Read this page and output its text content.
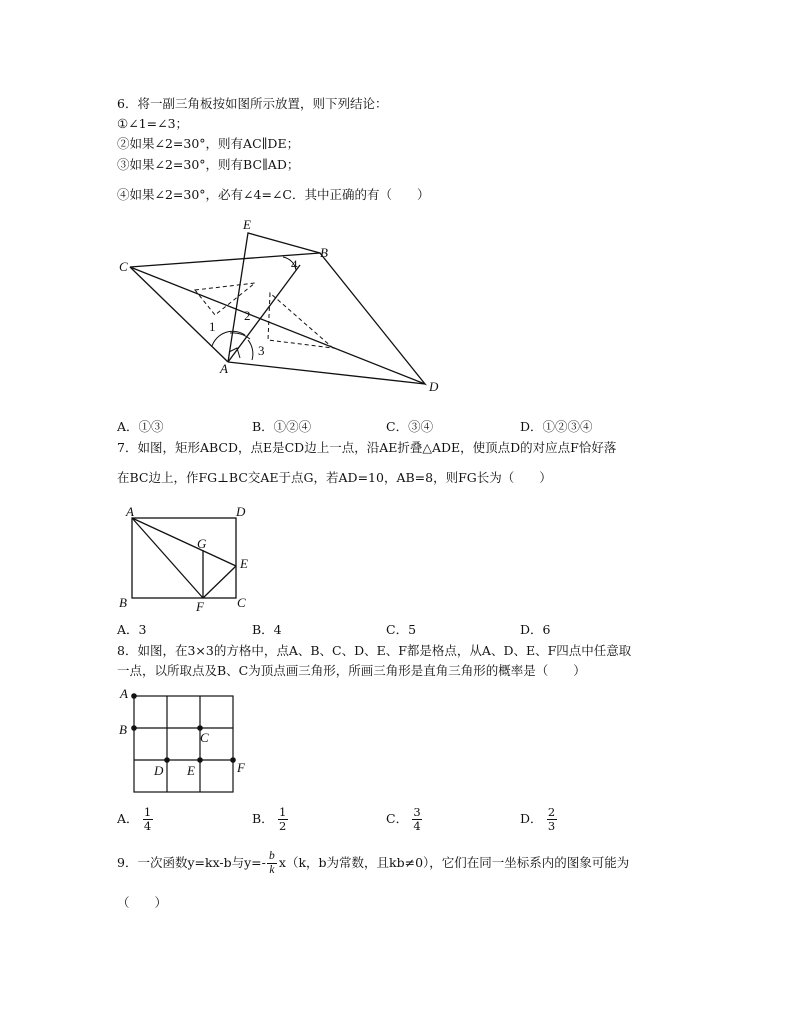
6．将一副三角板按如图所示放置，则下列结论：
①∠1=∠3；
②如果∠2=30°，则有AC∥DE；
③如果∠2=30°，则有BC∥AD；
④如果∠2=30°，必有∠4=∠C．其中正确的有（　　）
E
B
C
A
D
1
2
3
4
A．①③	B．①②④	C．③④	D．①②③④
7．如图，矩形ABCD，点E是CD边上一点，沿AE折叠△ADE，使顶点D的对应点F恰好落
在BC边上，作FG⊥BC交AE于点G，若AD=10，AB=8，则FG长为（　　）
A	D
G
E
B	F	C
A．3	B．4	C．5	D．6
8．如图，在3×3的方格中，点A、B、C、D、E、F都是格点，从A、D、E、F四点中任意取
一点，以所取点及B、C为顶点画三角形，所画三角形是直角三角形的概率是（　　）
A
B
C
D E	F
A． $\frac{1}{4}$	B． $\frac{1}{2}$	C． $\frac{3}{4}$	D． $\frac{2}{3}$
9．一次函数y=kx-b与$y=- \frac{b}{k} x(k$，b为常数，且kb≠0），它们在同一坐标系内的图象可能为
（　　）
